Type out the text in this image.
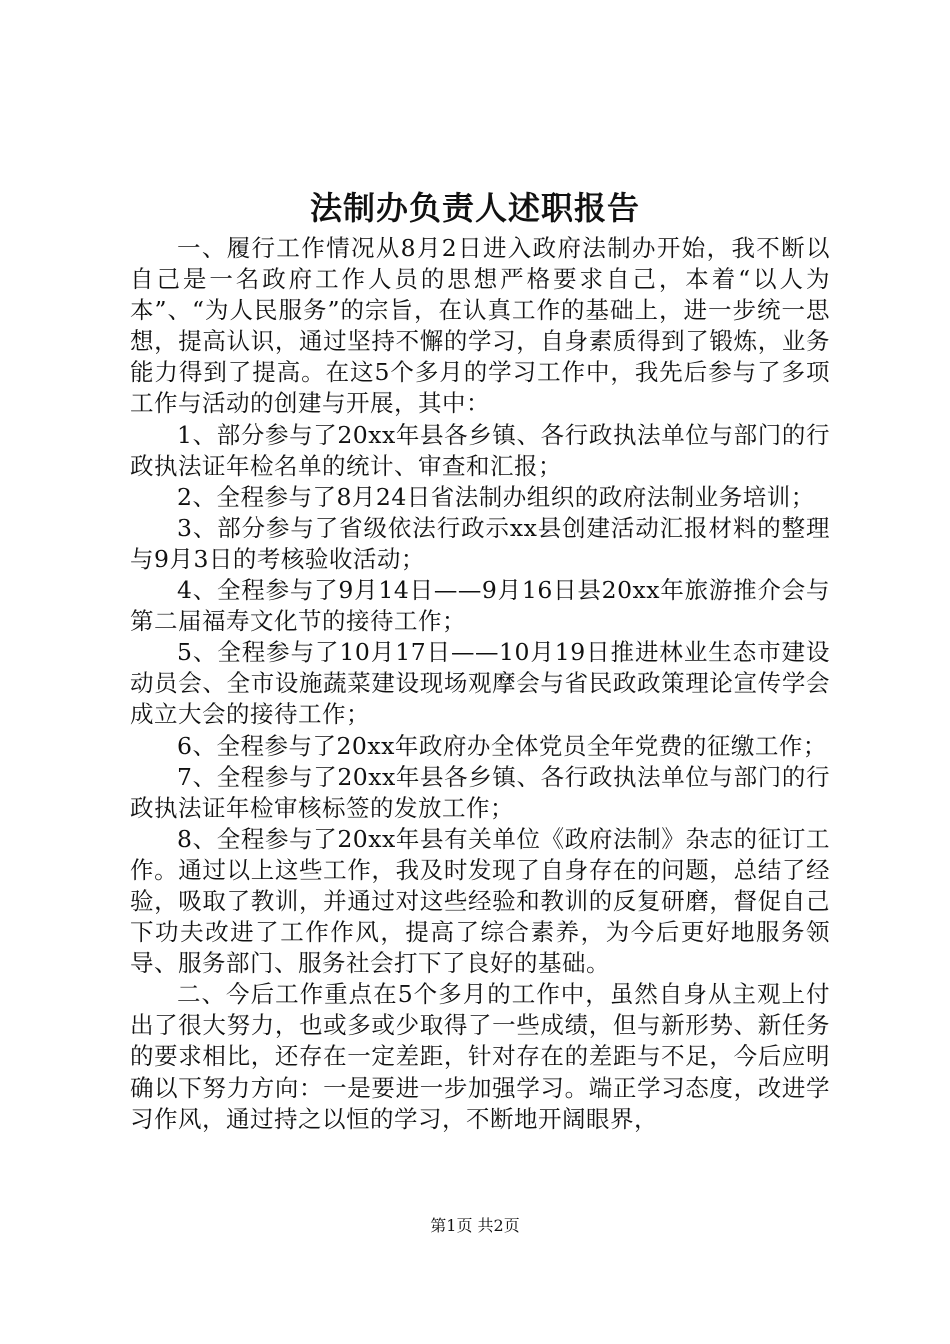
法制办负责人述职报告

一、履行工作情况从8月2日进入政府法制办开始，我不断以自己是一名政府工作人员的思想严格要求自己，本着“以人为本”、“为人民服务”的宗旨，在认真工作的基础上，进一步统一思想，提高认识，通过坚持不懈的学习，自身素质得到了锻炼，业务能力得到了提高。在这5个多月的学习工作中，我先后参与了多项工作与活动的创建与开展，其中：

1、部分参与了20xx年县各乡镇、各行政执法单位与部门的行政执法证年检名单的统计、审查和汇报；

2、全程参与了8月24日省法制办组织的政府法制业务培训；

3、部分参与了省级依法行政示xx县创建活动汇报材料的整理与9月3日的考核验收活动；

4、全程参与了9月14日——9月16日县20xx年旅游推介会与第二届福寿文化节的接待工作；

5、全程参与了10月17日——10月19日推进林业生态市建设动员会、全市设施蔬菜建设现场观摩会与省民政政策理论宣传学会成立大会的接待工作；

6、全程参与了20xx年政府办全体党员全年党费的征缴工作；

7、全程参与了20xx年县各乡镇、各行政执法单位与部门的行政执法证年检审核标签的发放工作；

8、全程参与了20xx年县有关单位《政府法制》杂志的征订工作。通过以上这些工作，我及时发现了自身存在的问题，总结了经验，吸取了教训，并通过对这些经验和教训的反复研磨，督促自己下功夫改进了工作作风，提高了综合素养，为今后更好地服务领导、服务部门、服务社会打下了良好的基础。

二、今后工作重点在5个多月的工作中，虽然自身从主观上付出了很大努力，也或多或少取得了一些成绩，但与新形势、新任务的要求相比，还存在一定差距，针对存在的差距与不足，今后应明确以下努力方向：一是要进一步加强学习。端正学习态度，改进学习作风，通过持之以恒的学习，不断地开阔眼界，

第1页 共2页
